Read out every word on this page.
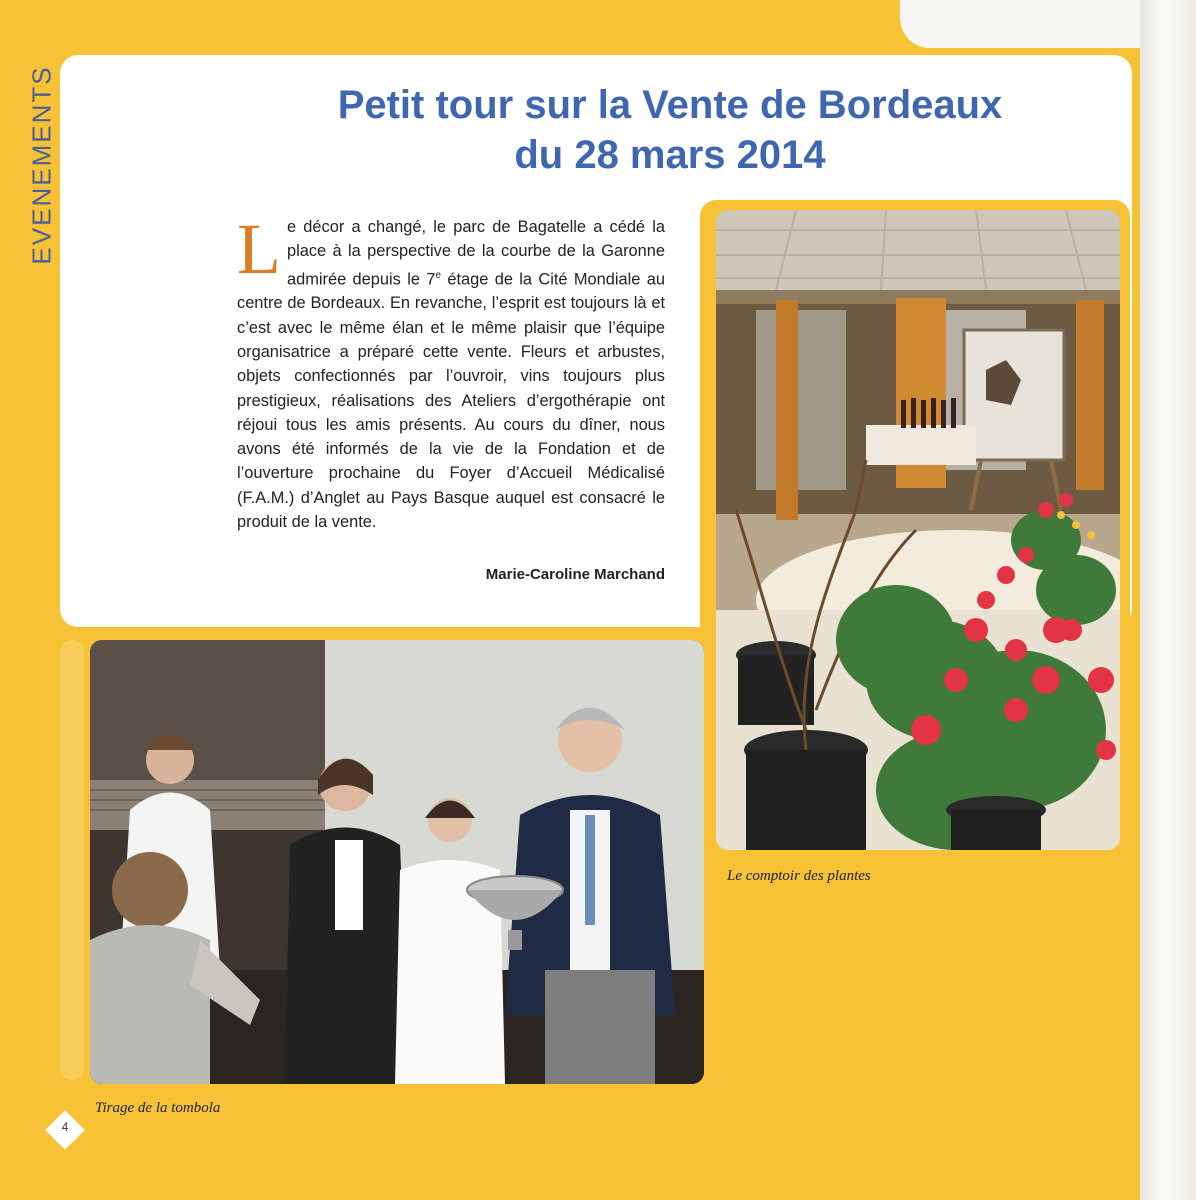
EVENEMENTS	Petit tour sur la Vente de Bordeaux
du 28 mars 2014
Le décor a changé, le parc de Bagatelle a cédé la place à la perspective de la courbe de la Garonne admirée depuis le 7e étage de la Cité Mondiale au centre de Bordeaux. En revanche, l’esprit est toujours là et c’est avec le même élan et le même plaisir que l’équipe organisatrice a préparé cette vente. Fleurs et arbustes, objets confectionnés par l’ouvroir, vins toujours plus prestigieux, réalisations des Ateliers d’ergothérapie ont réjoui tous les amis présents. Au cours du dîner, nous avons été informés de la vie de la Fondation et de l’ouverture prochaine du Foyer d’Accueil Médicalisé (F.A.M.) d’Anglet au Pays Basque auquel est consacré le produit de la vente.
Marie-Caroline Marchand
Le comptoir des plantes
Tirage de la tombola
4
